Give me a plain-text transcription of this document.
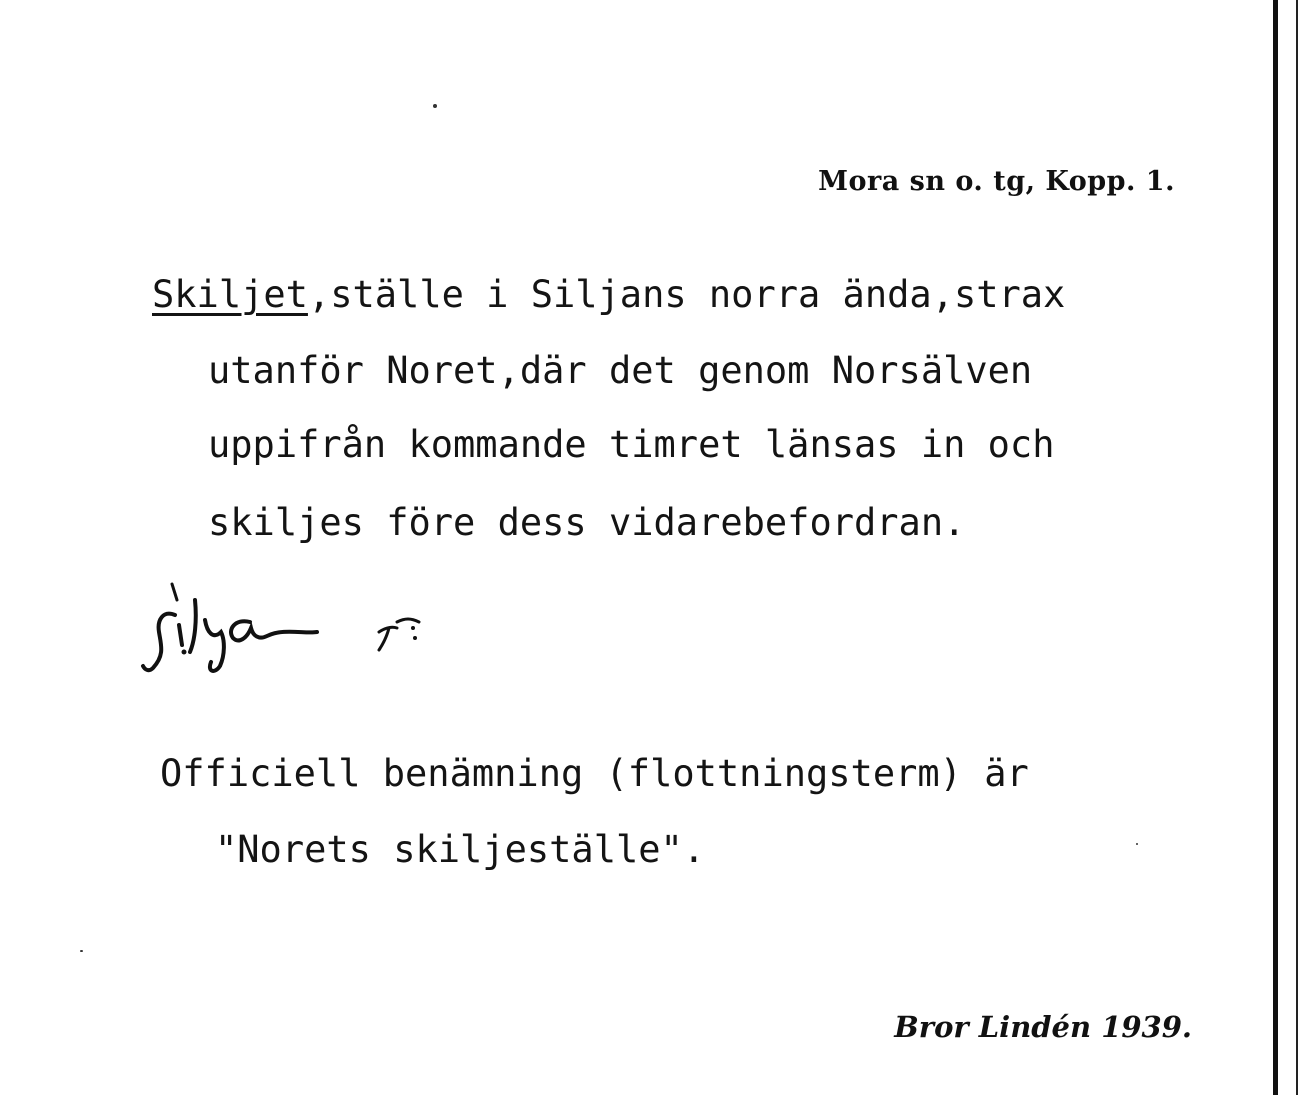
Mora sn o. tg, Kopp. 1.
Skiljet,ställe i Siljans norra ända,strax
utanför Noret,där det genom Norsälven
uppifrån kommande timret länsas in och
skiljes före dess vidarebefordran.
Silja r.
Officiell benämning (flottningsterm) är
"Norets skiljeställe".
Bror Lindén 1939.
